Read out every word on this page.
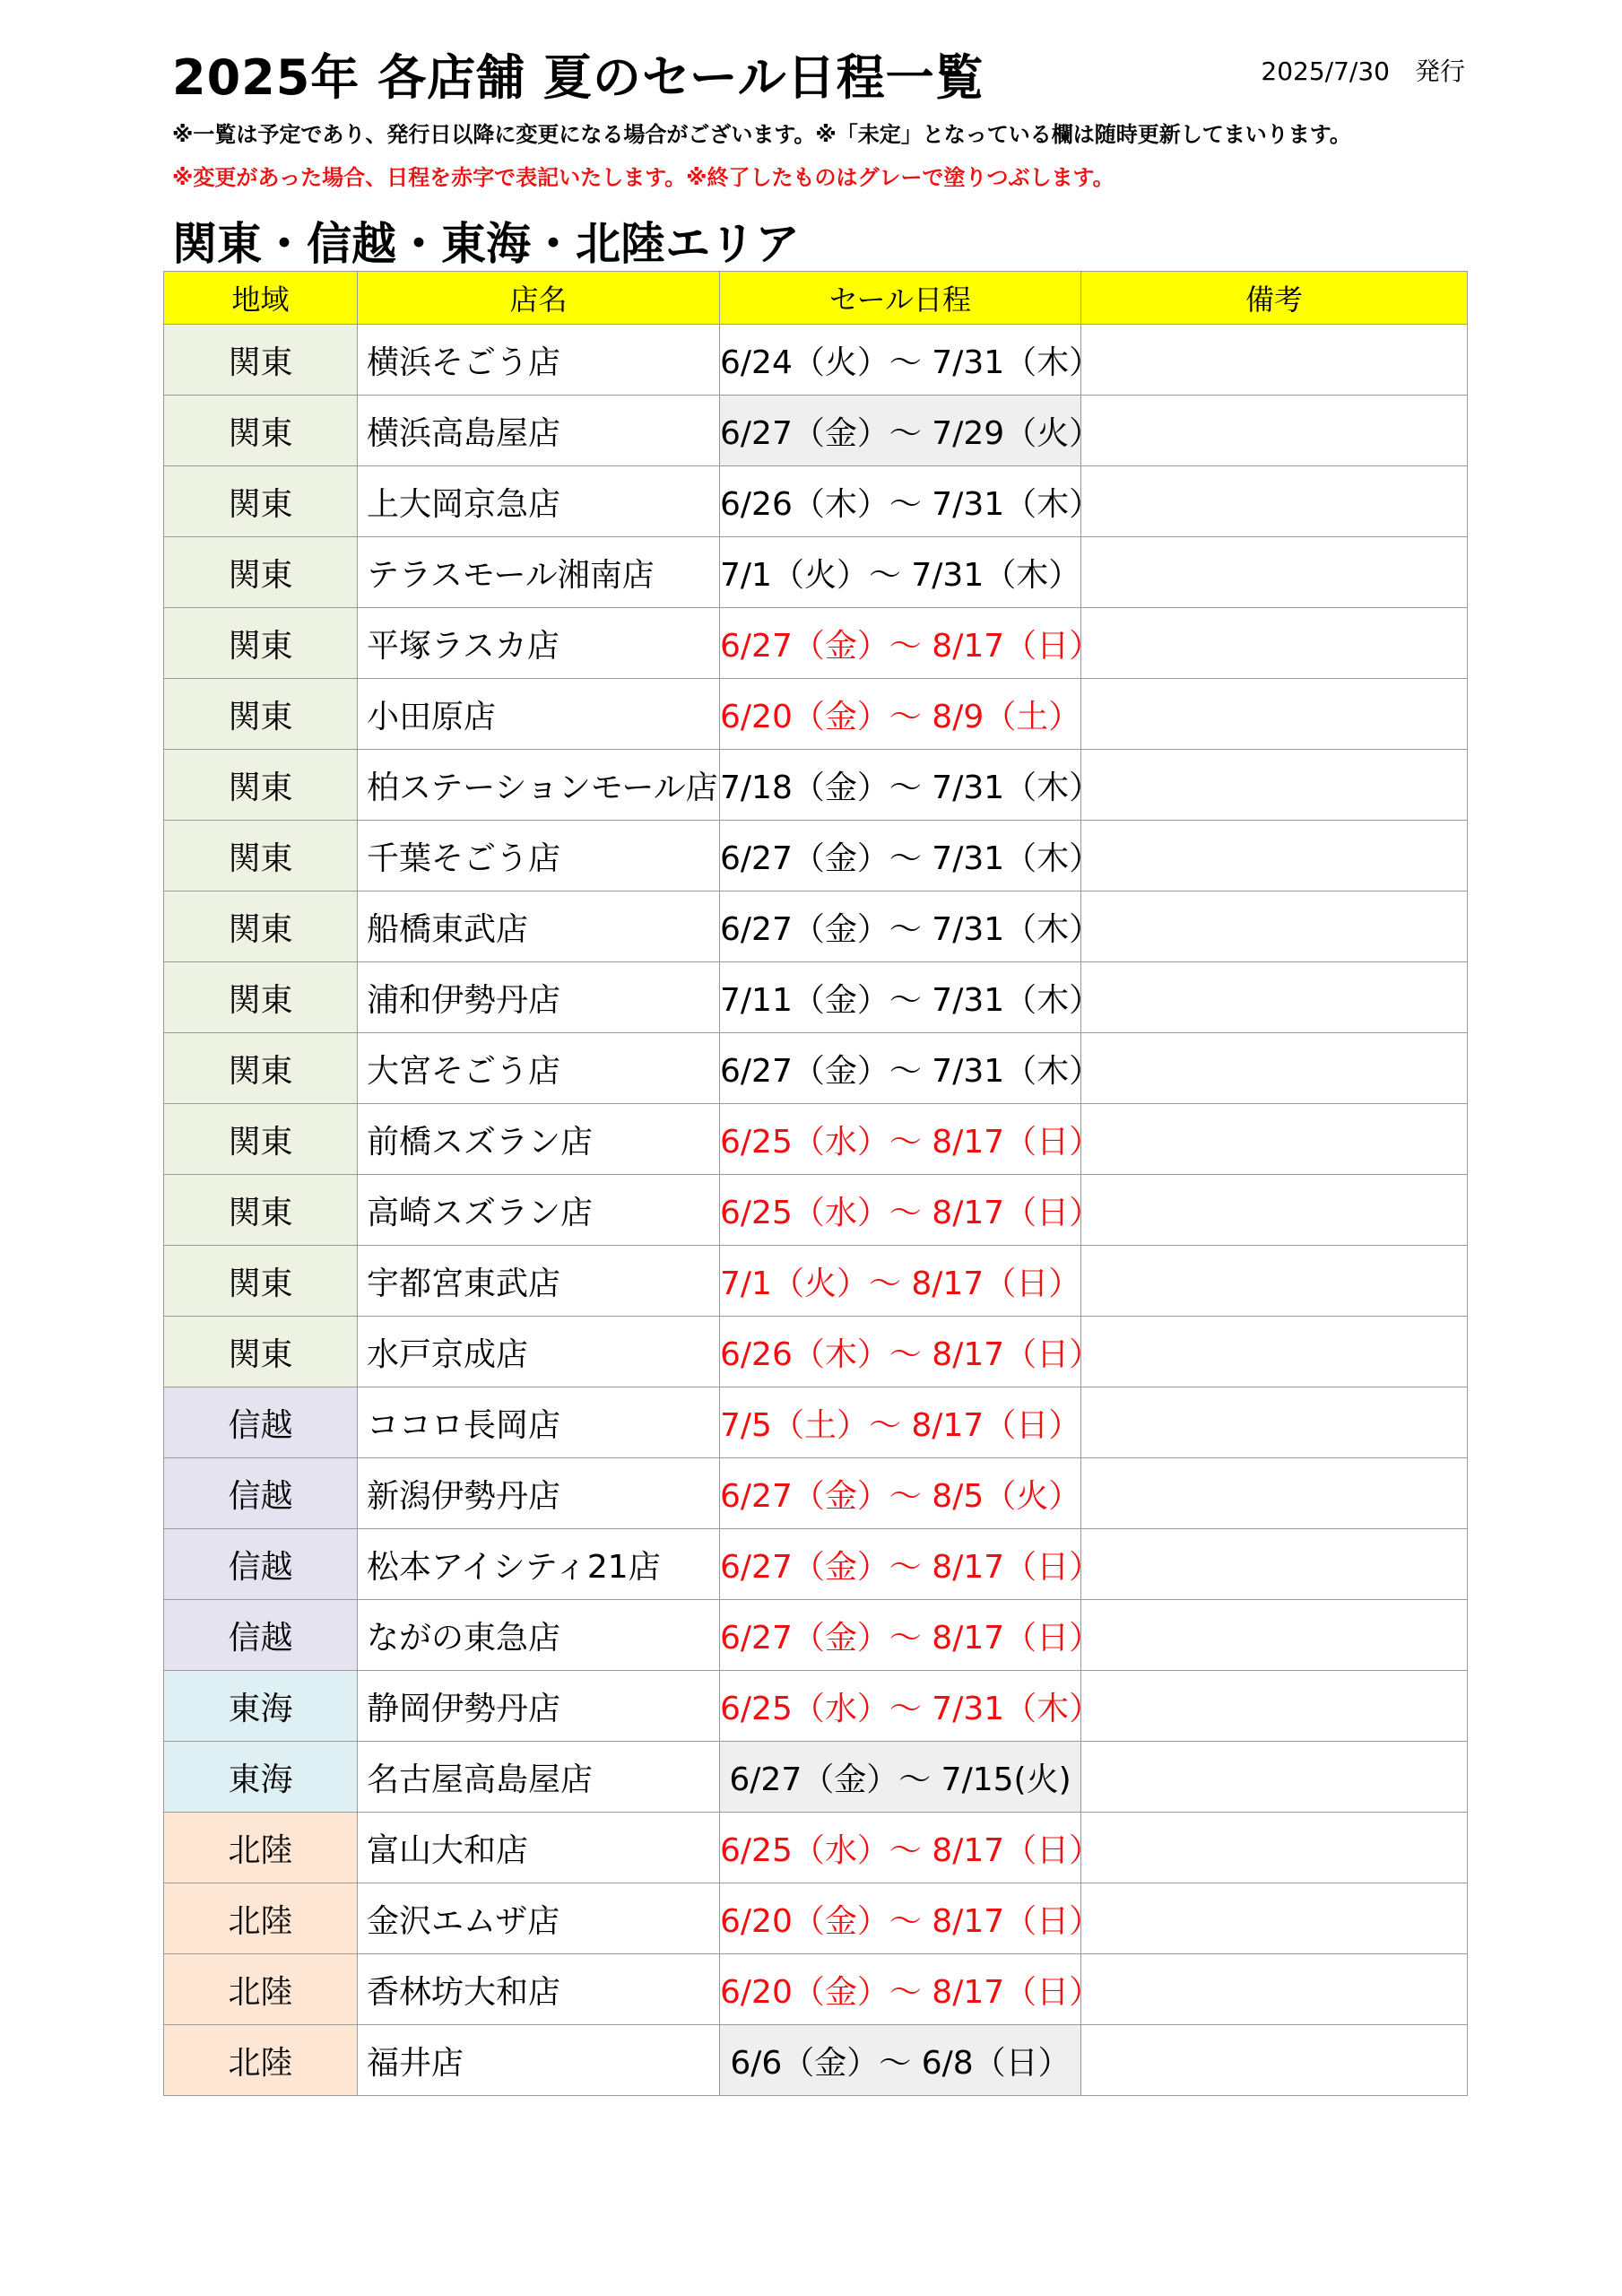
2025年 各店舗 夏のセール日程一覧	2025/7/30　発行
※一覧は予定であり、発行日以降に変更になる場合がございます。※「未定」となっている欄は随時更新してまいります。
※変更があった場合、日程を赤字で表記いたします。※終了したものはグレーで塗りつぶします。
関東・信越・東海・北陸エリア
地域	店名	セール日程	備考
関東	横浜そごう店	6/24（火）～ 7/31（木）	
関東	横浜高島屋店	6/27（金）～ 7/29（火）	
関東	上大岡京急店	6/26（木）～ 7/31（木）	
関東	テラスモール湘南店	7/1（火）～ 7/31（木）	
関東	平塚ラスカ店	6/27（金）～ 8/17（日）	
関東	小田原店	6/20（金）～ 8/9（土）	
関東	柏ステーションモール店	7/18（金）～ 7/31（木）	
関東	千葉そごう店	6/27（金）～ 7/31（木）	
関東	船橋東武店	6/27（金）～ 7/31（木）	
関東	浦和伊勢丹店	7/11（金）～ 7/31（木）	
関東	大宮そごう店	6/27（金）～ 7/31（木）	
関東	前橋スズラン店	6/25（水）～ 8/17（日）	
関東	高崎スズラン店	6/25（水）～ 8/17（日）	
関東	宇都宮東武店	7/1（火）～ 8/17（日）	
関東	水戸京成店	6/26（木）～ 8/17（日）	
信越	ココロ長岡店	7/5（土）～ 8/17（日）	
信越	新潟伊勢丹店	6/27（金）～ 8/5（火）	
信越	松本アイシティ21店	6/27（金）～ 8/17（日）	
信越	ながの東急店	6/27（金）～ 8/17（日）	
東海	静岡伊勢丹店	6/25（水）～ 7/31（木）	
東海	名古屋高島屋店	6/27（金）～ 7/15(火)	
北陸	富山大和店	6/25（水）～ 8/17（日）	
北陸	金沢エムザ店	6/20（金）～ 8/17（日）	
北陸	香林坊大和店	6/20（金）～ 8/17（日）	
北陸	福井店	6/6（金）～ 6/8（日）	
